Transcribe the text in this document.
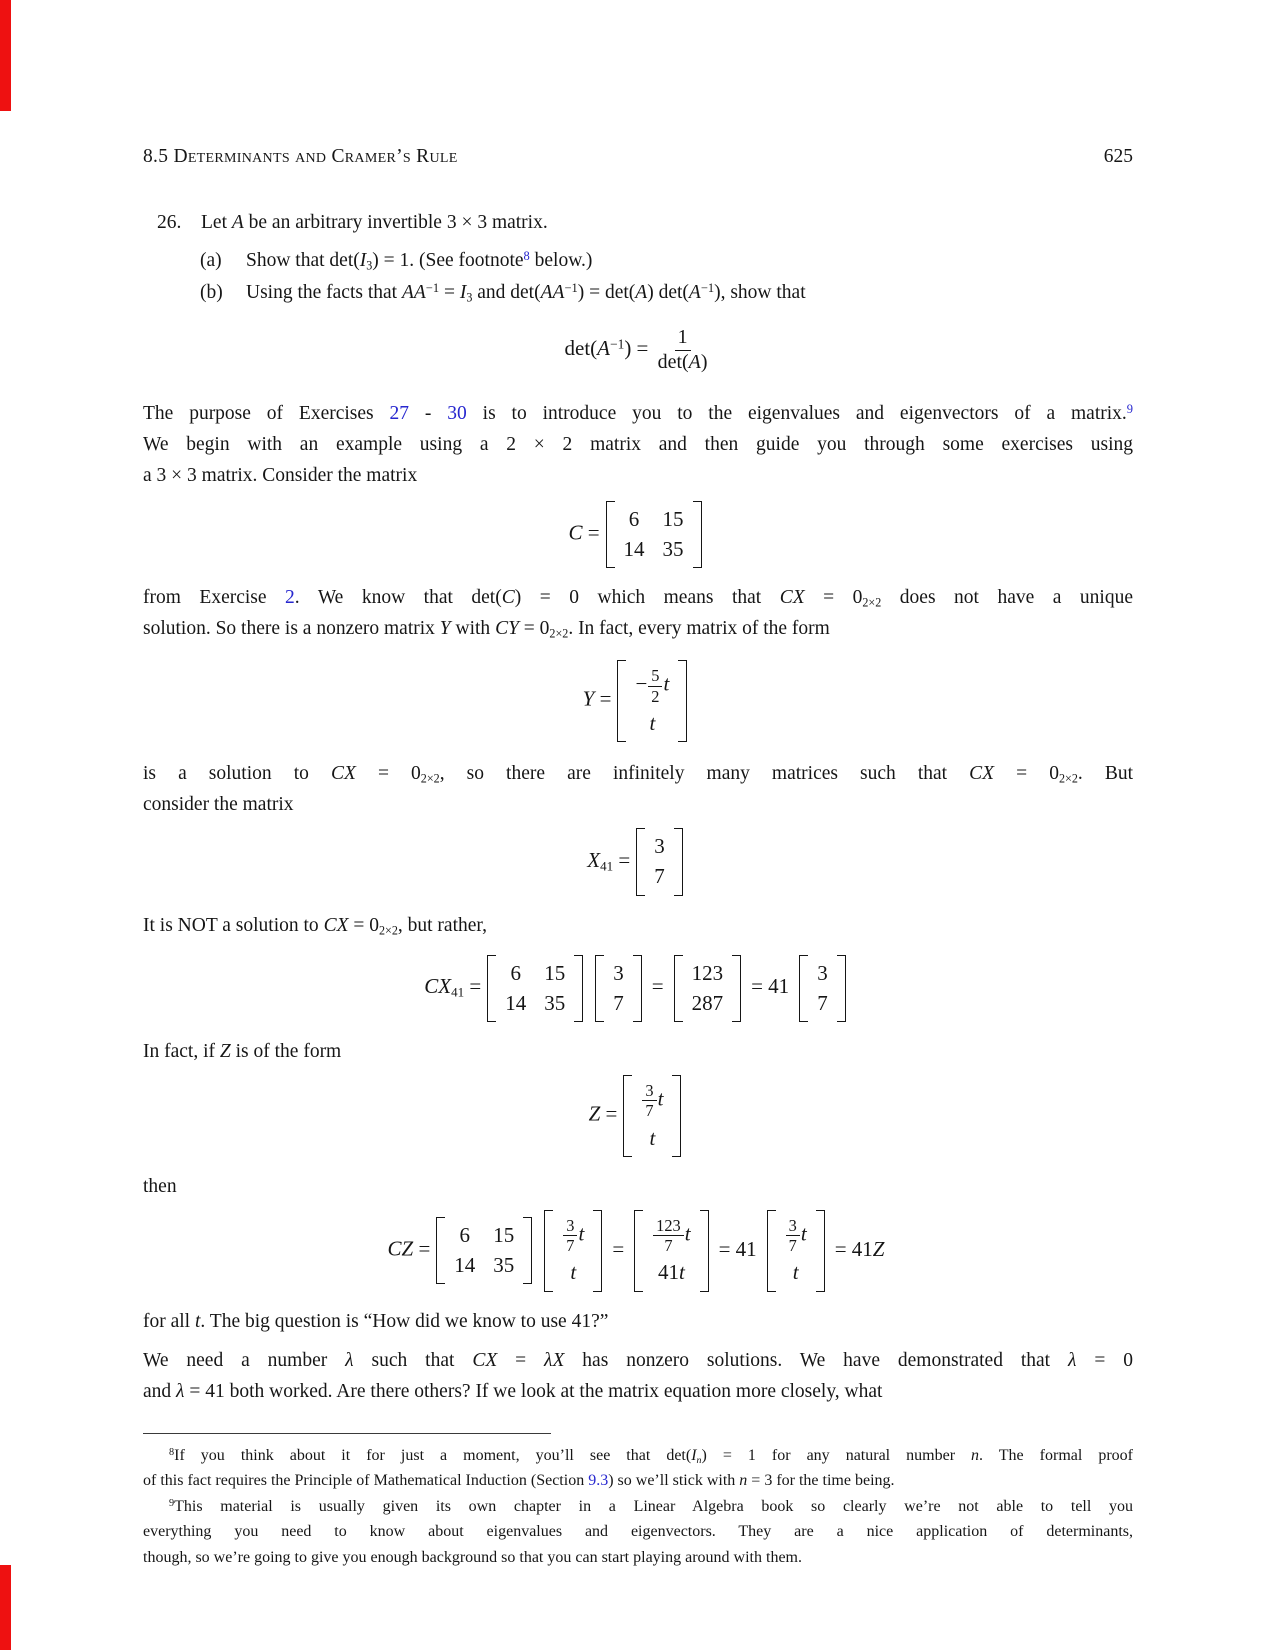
8.5 Determinants and Cramer’s Rule	625
26.	Let A be an arbitrary invertible 3 × 3 matrix.
(a)	Show that $\det(I_3) = 1$. (See footnote$^8$ below.)
(b)	Using the facts that $AA^{-1} = I_3$ and $\det(AA^{-1}) = \det(A)$ $\det(A^{-1})$, show that
$\det(A^{-1}) = 1$
det(A)
The purpose of Exercises 27 - 30 is to introduce you to the eigenvalues and eigenvectors of a matrix.$^9$
We begin with an example using a 2 × 2 matrix and then guide you through some exercises using
a 3 × 3 matrix. Consider the matrix
C =
6 15
14 35
from Exercise 2. We know that det(C) = 0 which means that CX = $0_{2\times 2}$ does not have a unique
solution. So there is a nonzero matrix Y with CY = $0_{2\times 2}$. In fact, every matrix of the form
Y =
− $\frac{5}{2}$ t
t
is a solution to CX = $0_{2\times 2}$, so there are infinitely many matrices such that CX = $0_{2\times 2}$. But
consider the matrix
$X_{41}$ =
3
7
It is NOT a solution to CX = $0_{2\times 2}$, but rather,
$CX_{41}$ =
6 15
14 35
3
7
=
123
287
= 41
3
7
In fact, if Z is of the form
$Z = \frac{3}{7}$ t
t
then
CZ =
6 15
14 35
$\frac{3}{7}$ t
t
= $\frac{123}{7}$ t
41t
= $41 \frac{3}{7}$ t
t
= 41Z
for all t. The big question is “How did we know to use 41?”
We need a number λ such that CX = λX has nonzero solutions. We have demonstrated that λ = 0
and λ = 41 both worked. Are there others? If we look at the matrix equation more closely, what
$^8$If you think about it for just a moment, you’ll see that $\det(I_n) = 1$ for any natural number n. The formal proof
of this fact requires the Principle of Mathematical Induction (Section 9.3) so we’ll stick with n = 3 for the time being.
$^9$This material is usually given its own chapter in a Linear Algebra book so clearly we’re not able to tell you
everything you need to know about eigenvalues and eigenvectors. They are a nice application of determinants,
though, so we’re going to give you enough background so that you can start playing around with them.
